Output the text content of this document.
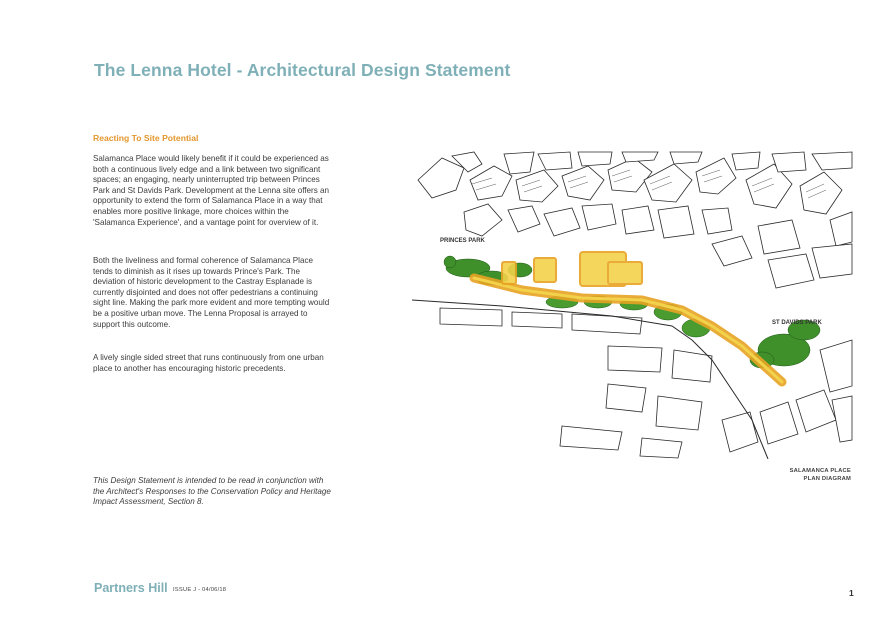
The Lenna Hotel - Architectural Design Statement
Reacting To Site Potential

Salamanca Place would likely benefit if it could be experienced as both a continuous lively edge and a link between two significant spaces; an engaging, nearly uninterrupted trip between Princes Park and St Davids Park. Development at the Lenna site offers an opportunity to extend the form of Salamanca Place in a way that enables more positive linkage, more choices within the 'Salamanca Experience', and a vantage point for overview of it.

Both the liveliness and formal coherence of Salamanca Place tends to diminish as it rises up towards Prince's Park. The deviation of historic development to the Castray Esplanade is currently disjointed and does not offer pedestrians a continuing sight line. Making the park more evident and more tempting would be a positive urban move. The Lenna Proposal is arrayed to support this outcome.

A lively single sided street that runs continuously from one urban place to another has encouraging historic precedents.

This Design Statement is intended to be read in conjunction with the Architect's Responses to the Conservation Policy and Heritage Impact Assessment, Section 8.

PRINCES PARK
ST DAVIDS PARK
SALAMANCA PLACE
PLAN DIAGRAM
Partners Hill ISSUE J - 04/06/18	1
